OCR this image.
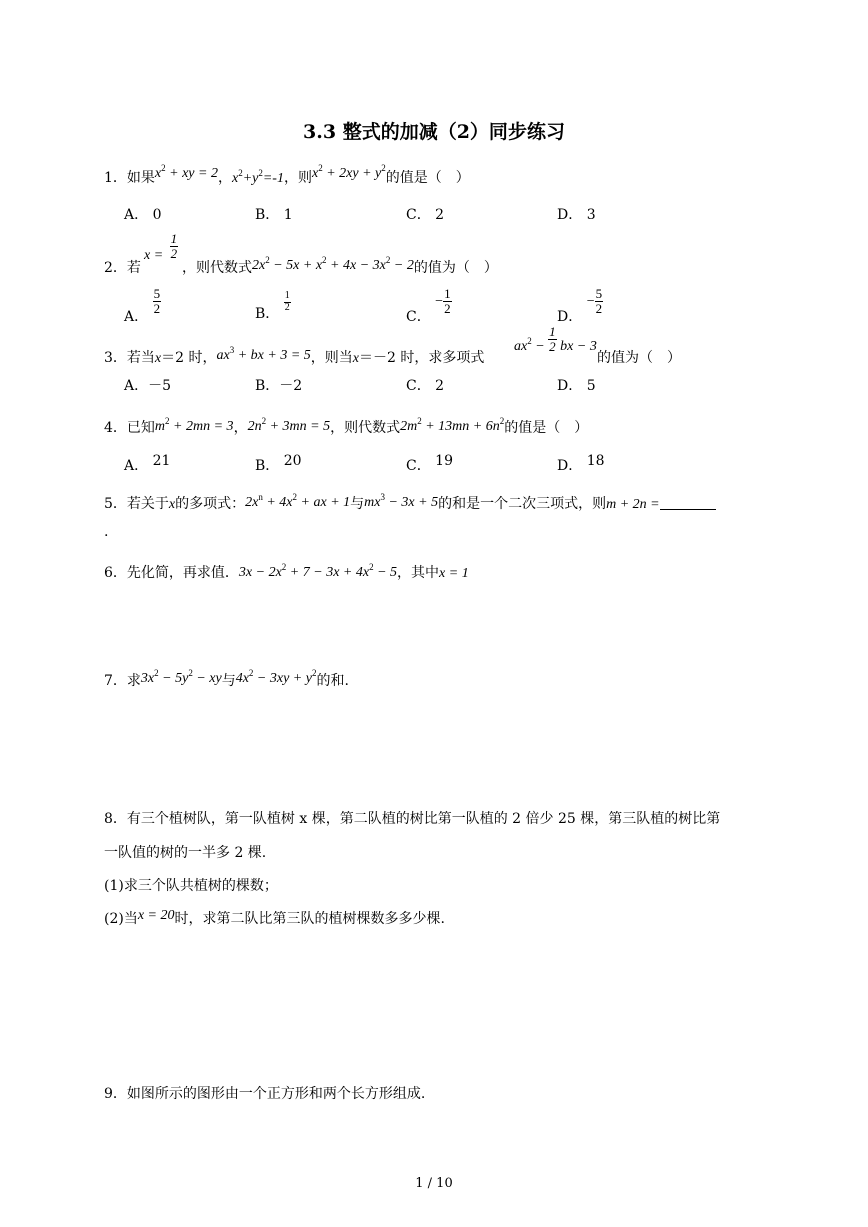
3.3 整式的加减（2）同步练习
1．如果$x^2$ + xy = 2，$x^2+y^2=-1$，则$x^2 + 2xy + y^2$的值是（　）
A． 0	B． 1	C． 2	D． 3
2．若
$x = \frac{1}{2}$
，则代数式$2x^2 - 5x + x^2 + 4x - 3x^2 - 2$的值为（　）
A．
$\frac{5}{2}$	B．
$\frac{1}{2}$
C． − $\frac{1}{2}$
D． − $\frac{5}{2}$
3．若当x＝2 时，$ax^3$ + bx + 3 = 5，则当x＝－2 时，求多项式
$ax^2 - \frac{1}{2}$ bx − 3
的值为（　）
A．－5	B．－2	C． 2	D． 5
4．已知$m^2 + 2mn = 3$，$2n^2 + 3mn = 5$，则代数式$2m^2 + 13mn + 6n^2$的值是（　）
A． 21	B． 20	C． 19	D． 18
5．若关于x的多项式：$2x^n + 4x^2$ + ax + 1与$mx^3 - 3x + 5$的和是一个二次三项式，则m + 2n =
.
6．先化简，再求值．$3x - 2x^2 + 7 - 3x + 4x^2 - 5$，其中x = 1
7．求$3x^2 - 5y^2$ − xy与$4x^2 - 3xy + y^2$的和.
8．有三个植树队，第一队植树 x 棵，第二队植的树比第一队植的 2 倍少 25 棵，第三队植的树比第
一队值的树的一半多 2 棵.
(1)求三个队共植树的棵数；
(2)当x = 20时，求第二队比第三队的植树棵数多多少棵.
9．如图所示的图形由一个正方形和两个长方形组成.
1 / 10
